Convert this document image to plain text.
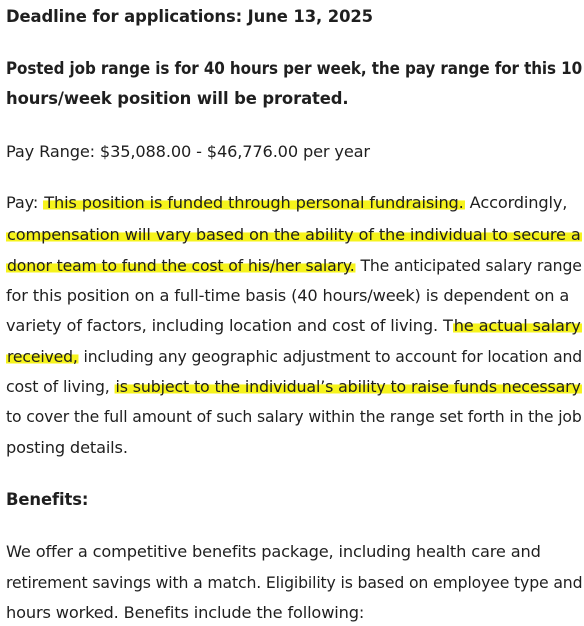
Deadline for applications: June 13, 2025
Posted job range is for 40 hours per week, the pay range for this 10
hours/week position will be prorated.
Pay Range: $35,088.00 - $46,776.00 per year
Pay: This position is funded through personal fundraising. Accordingly,
compensation will vary based on the ability of the individual to secure a
donor team to fund the cost of his/her salary. The anticipated salary range
for this position on a full-time basis (40 hours/week) is dependent on a
variety of factors, including location and cost of living. The actual salary
received, including any geographic adjustment to account for location and
cost of living, is subject to the individual’s ability to raise funds necessary
to cover the full amount of such salary within the range set forth in the job
posting details.
Benefits:
We offer a competitive benefits package, including health care and
retirement savings with a match. Eligibility is based on employee type and
hours worked. Benefits include the following:
